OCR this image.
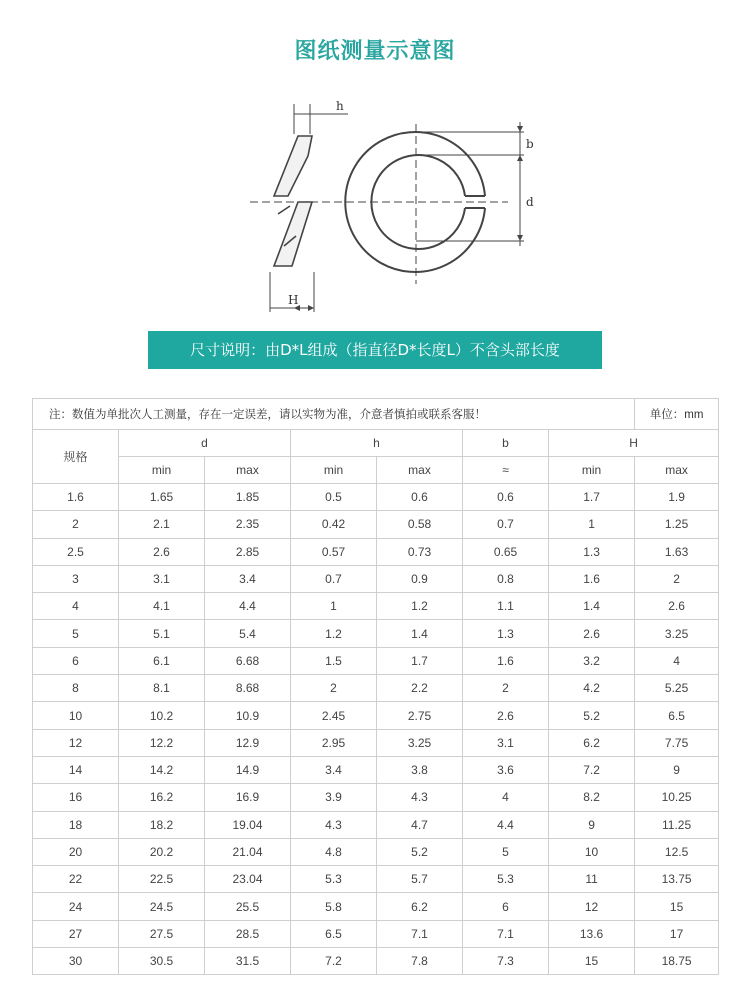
图纸测量示意图
h
H
b
d
尺寸说明：由D*L组成（指直径D*长度L）不含头部长度
注：数值为单批次人工测量，存在一定误差，请以实物为准，介意者慎拍或联系客服！							单位：mm
规格	d		h		b	H	
	min	max	min	max	≈	min	max
1.6	1.65	1.85	0.5	0.6	0.6	1.7	1.9
2	2.1	2.35	0.42	0.58	0.7	1	1.25
2.5	2.6	2.85	0.57	0.73	0.65	1.3	1.63
3	3.1	3.4	0.7	0.9	0.8	1.6	2
4	4.1	4.4	1	1.2	1.1	1.4	2.6
5	5.1	5.4	1.2	1.4	1.3	2.6	3.25
6	6.1	6.68	1.5	1.7	1.6	3.2	4
8	8.1	8.68	2	2.2	2	4.2	5.25
10	10.2	10.9	2.45	2.75	2.6	5.2	6.5
12	12.2	12.9	2.95	3.25	3.1	6.2	7.75
14	14.2	14.9	3.4	3.8	3.6	7.2	9
16	16.2	16.9	3.9	4.3	4	8.2	10.25
18	18.2	19.04	4.3	4.7	4.4	9	11.25
20	20.2	21.04	4.8	5.2	5	10	12.5
22	22.5	23.04	5.3	5.7	5.3	11	13.75
24	24.5	25.5	5.8	6.2	6	12	15
27	27.5	28.5	6.5	7.1	7.1	13.6	17
30	30.5	31.5	7.2	7.8	7.3	15	18.75
